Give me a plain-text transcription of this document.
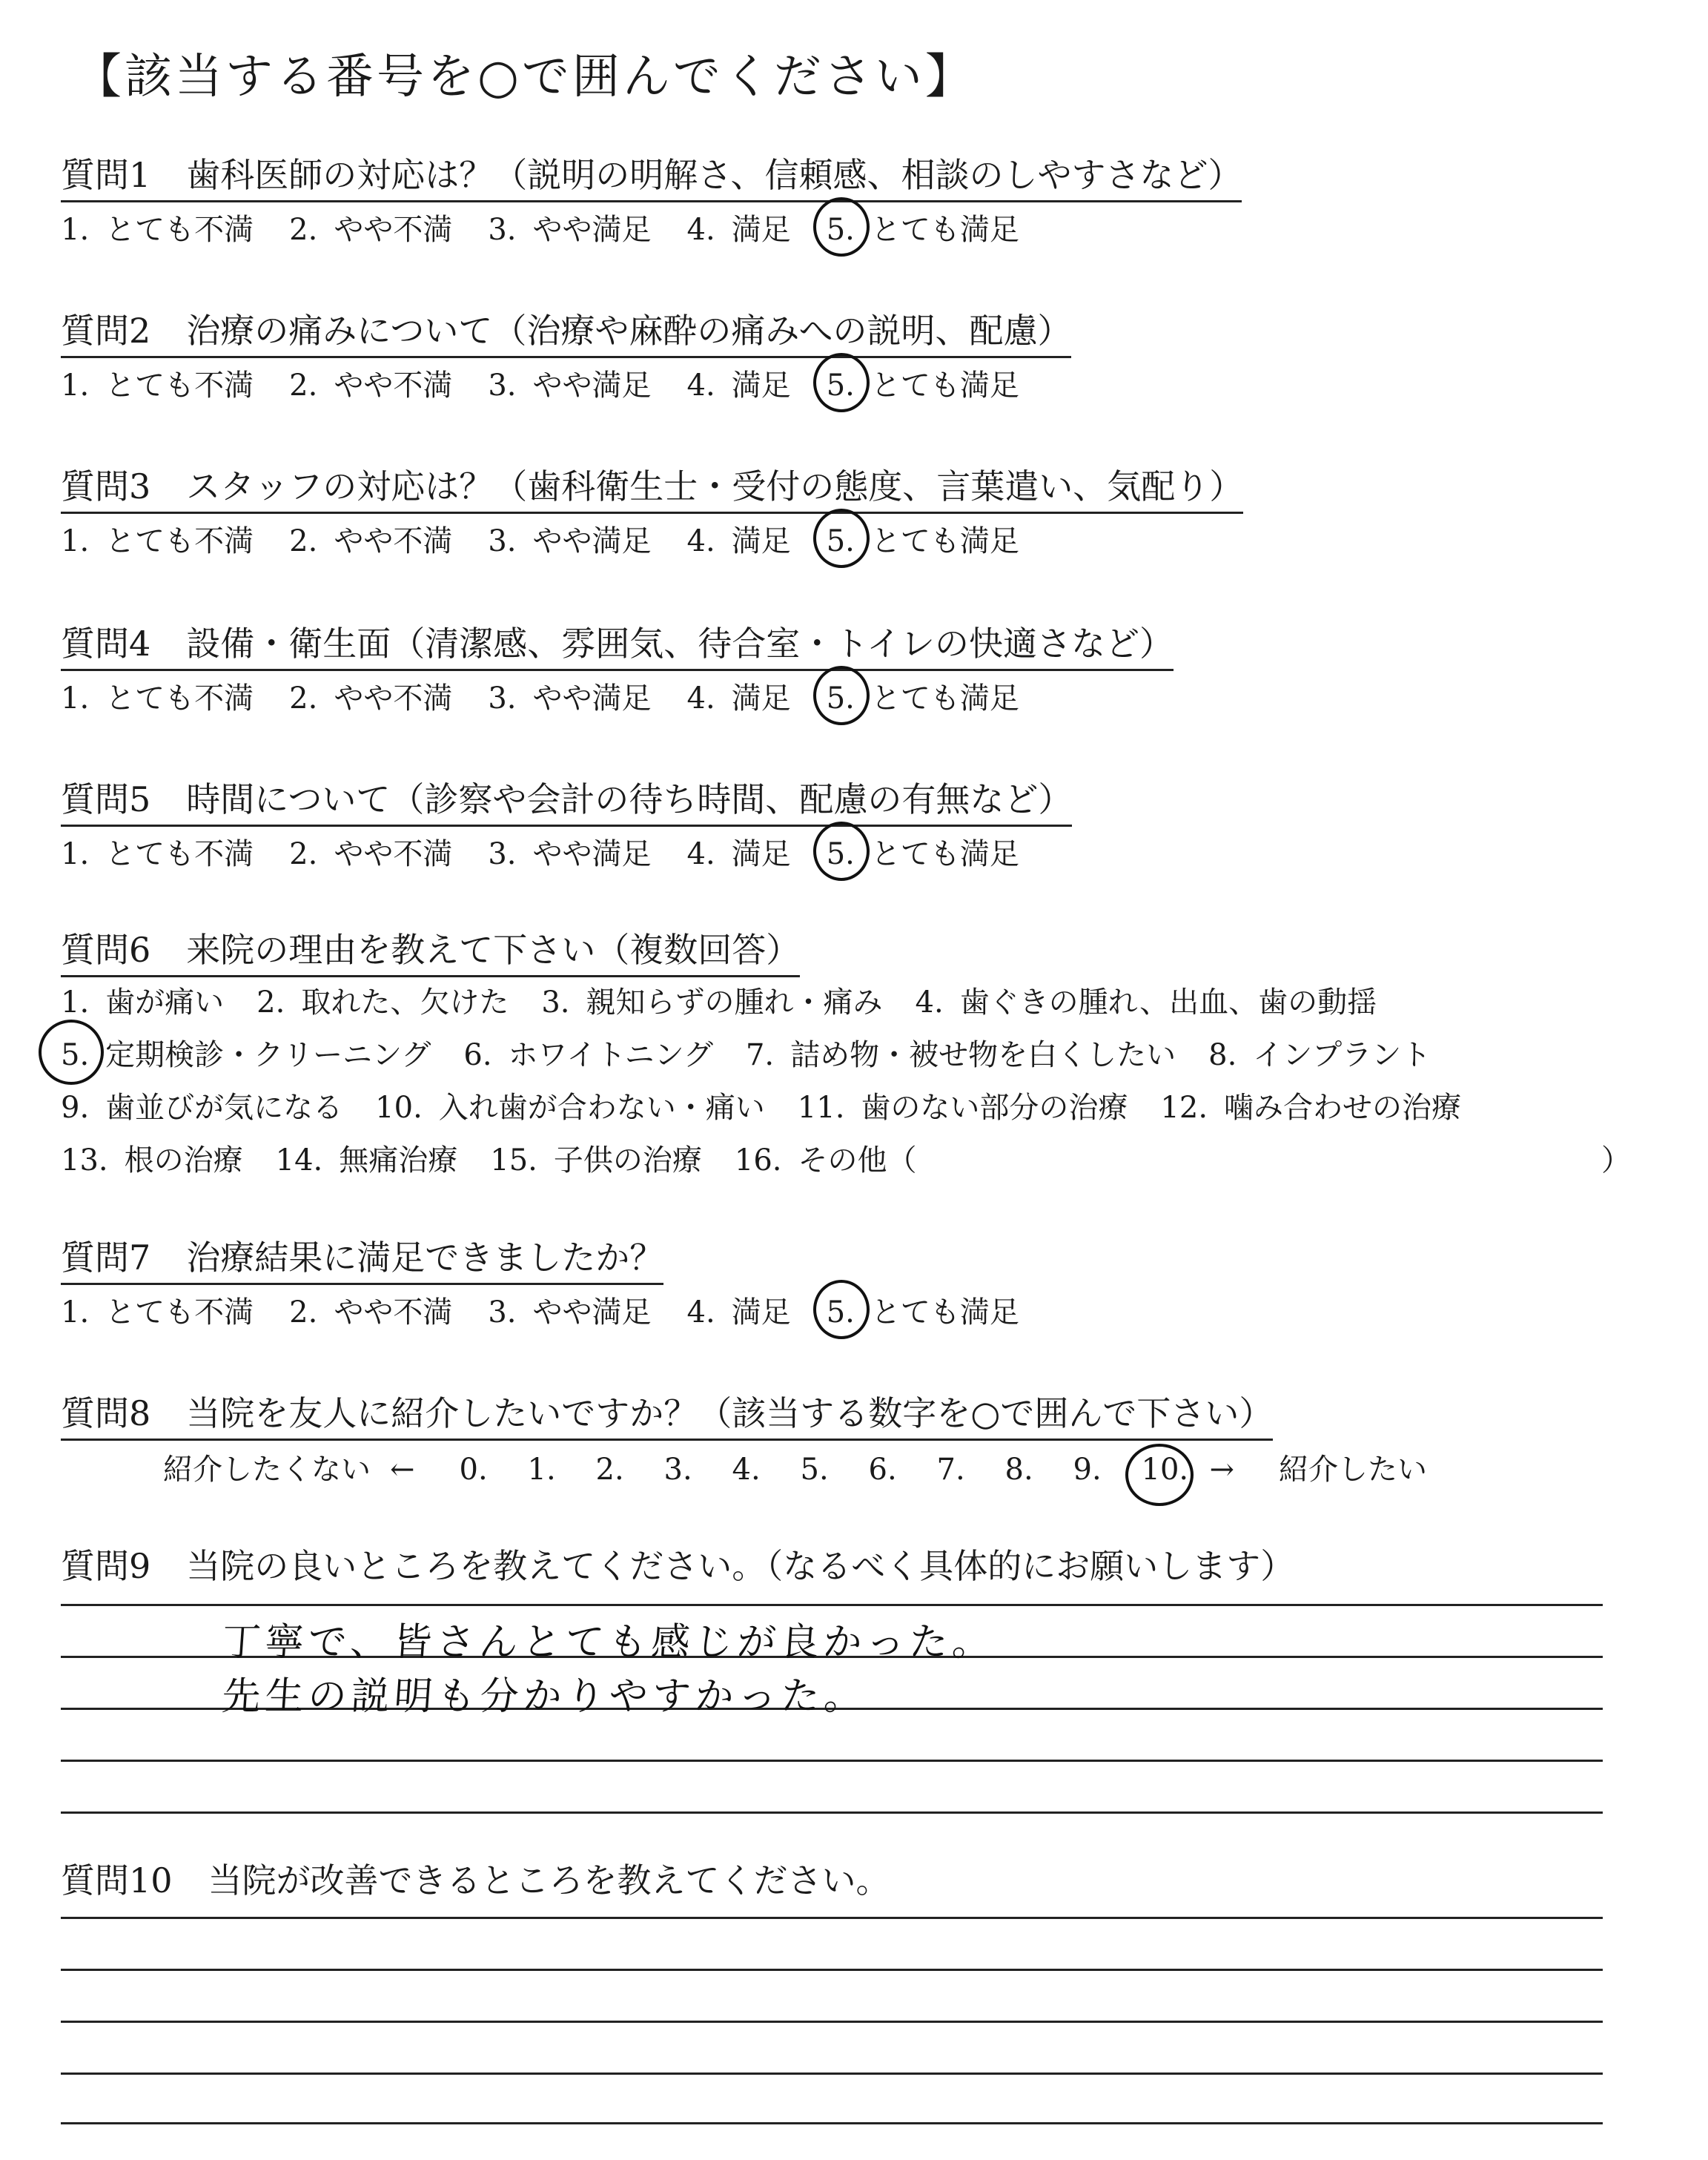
【該当する番号を○で囲んでください】
質問1 歯科医師の対応は？（説明の明解さ、信頼感、相談のしやすさなど）
1. とても不満 2. やや不満 3. やや満足 4. 満足 5. とても満足
質問2 治療の痛みについて（治療や麻酔の痛みへの説明、配慮）
1. とても不満 2. やや不満 3. やや満足 4. 満足 5. とても満足
質問3 スタッフの対応は？（歯科衛生士・受付の態度、言葉遣い、気配り）
1. とても不満 2. やや不満 3. やや満足 4. 満足 5. とても満足
質問4 設備・衛生面（清潔感、雰囲気、待合室・トイレの快適さなど）
1. とても不満 2. やや不満 3. やや満足 4. 満足 5. とても満足
質問5 時間について（診察や会計の待ち時間、配慮の有無など）
1. とても不満 2. やや不満 3. やや満足 4. 満足 5. とても満足
質問6 来院の理由を教えて下さい（複数回答）
1. 歯が痛い 2. 取れた、欠けた 3. 親知らずの腫れ・痛み 4. 歯ぐきの腫れ、出血、歯の動揺
5. 定期検診・クリーニング 6. ホワイトニング 7. 詰め物・被せ物を白くしたい 8. インプラント
9. 歯並びが気になる 10. 入れ歯が合わない・痛い 11. 歯のない部分の治療 12. 噛み合わせの治療
13. 根の治療 14. 無痛治療 15. 子供の治療 16. その他（	）
質問7 治療結果に満足できましたか？
1. とても不満 2. やや不満 3. やや満足 4. 満足 5. とても満足
質問8 当院を友人に紹介したいですか？（該当する数字を○で囲んで下さい）
紹介したくない ← 0. 1. 2. 3. 4. 5. 6. 7. 8. 9. 10. → 紹介したい
質問9 当院の良いところを教えてください。（なるべく具体的にお願いします）
丁寧で、皆さんとても感じが良かった。
先生の説明も分かりやすかった。
質問10 当院が改善できるところを教えてください。
